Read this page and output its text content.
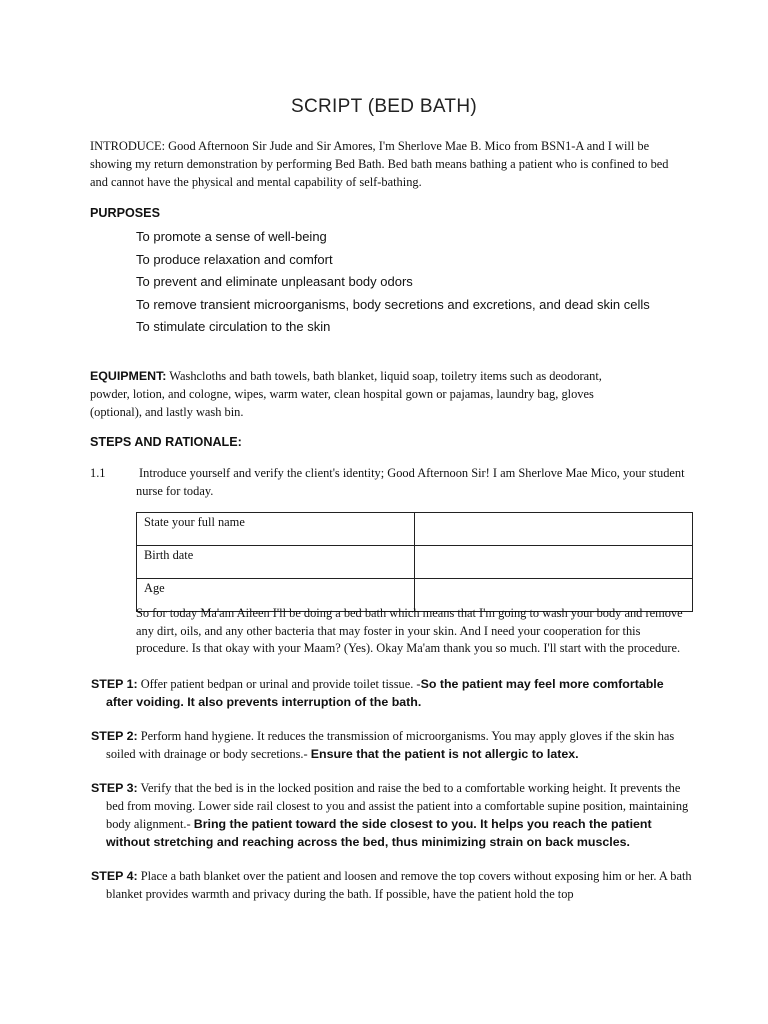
SCRIPT (BED BATH)
INTRODUCE: Good Afternoon Sir Jude and Sir Amores, I'm Sherlove Mae B. Mico from BSN1-A and I will be showing my return demonstration by performing Bed Bath. Bed bath means bathing a patient who is confined to bed and cannot have the physical and mental capability of self-bathing.
PURPOSES
To promote a sense of well-being
To produce relaxation and comfort
To prevent and eliminate unpleasant body odors
To remove transient microorganisms, body secretions and excretions, and dead skin cells
To stimulate circulation to the skin
EQUIPMENT: Washcloths and bath towels, bath blanket, liquid soap, toiletry items such as deodorant, powder, lotion, and cologne, wipes, warm water, clean hospital gown or pajamas, laundry bag, gloves (optional), and lastly wash bin.
STEPS AND RATIONALE:
1.1	Introduce yourself and verify the client's identity; Good Afternoon Sir! I am Sherlove Mae Mico, your student nurse for today.
State your full name	
Birth date	
Age	
So for today Ma'am Aileen I'll be doing a bed bath which means that I'm going to wash your body and remove any dirt, oils, and any other bacteria that may foster in your skin. And I need your cooperation for this procedure. Is that okay with your Maam? (Yes). Okay Ma'am thank you so much. I'll start with the procedure.
STEP 1: Offer patient bedpan or urinal and provide toilet tissue. -So the patient may feel more comfortable after voiding. It also prevents interruption of the bath.
STEP 2: Perform hand hygiene. It reduces the transmission of microorganisms. You may apply gloves if the skin has soiled with drainage or body secretions.- Ensure that the patient is not allergic to latex.
STEP 3: Verify that the bed is in the locked position and raise the bed to a comfortable working height. It prevents the bed from moving. Lower side rail closest to you and assist the patient into a comfortable supine position, maintaining body alignment.- Bring the patient toward the side closest to you. It helps you reach the patient without stretching and reaching across the bed, thus minimizing strain on back muscles.
STEP 4: Place a bath blanket over the patient and loosen and remove the top covers without exposing him or her. A bath blanket provides warmth and privacy during the bath. If possible, have the patient hold the top
